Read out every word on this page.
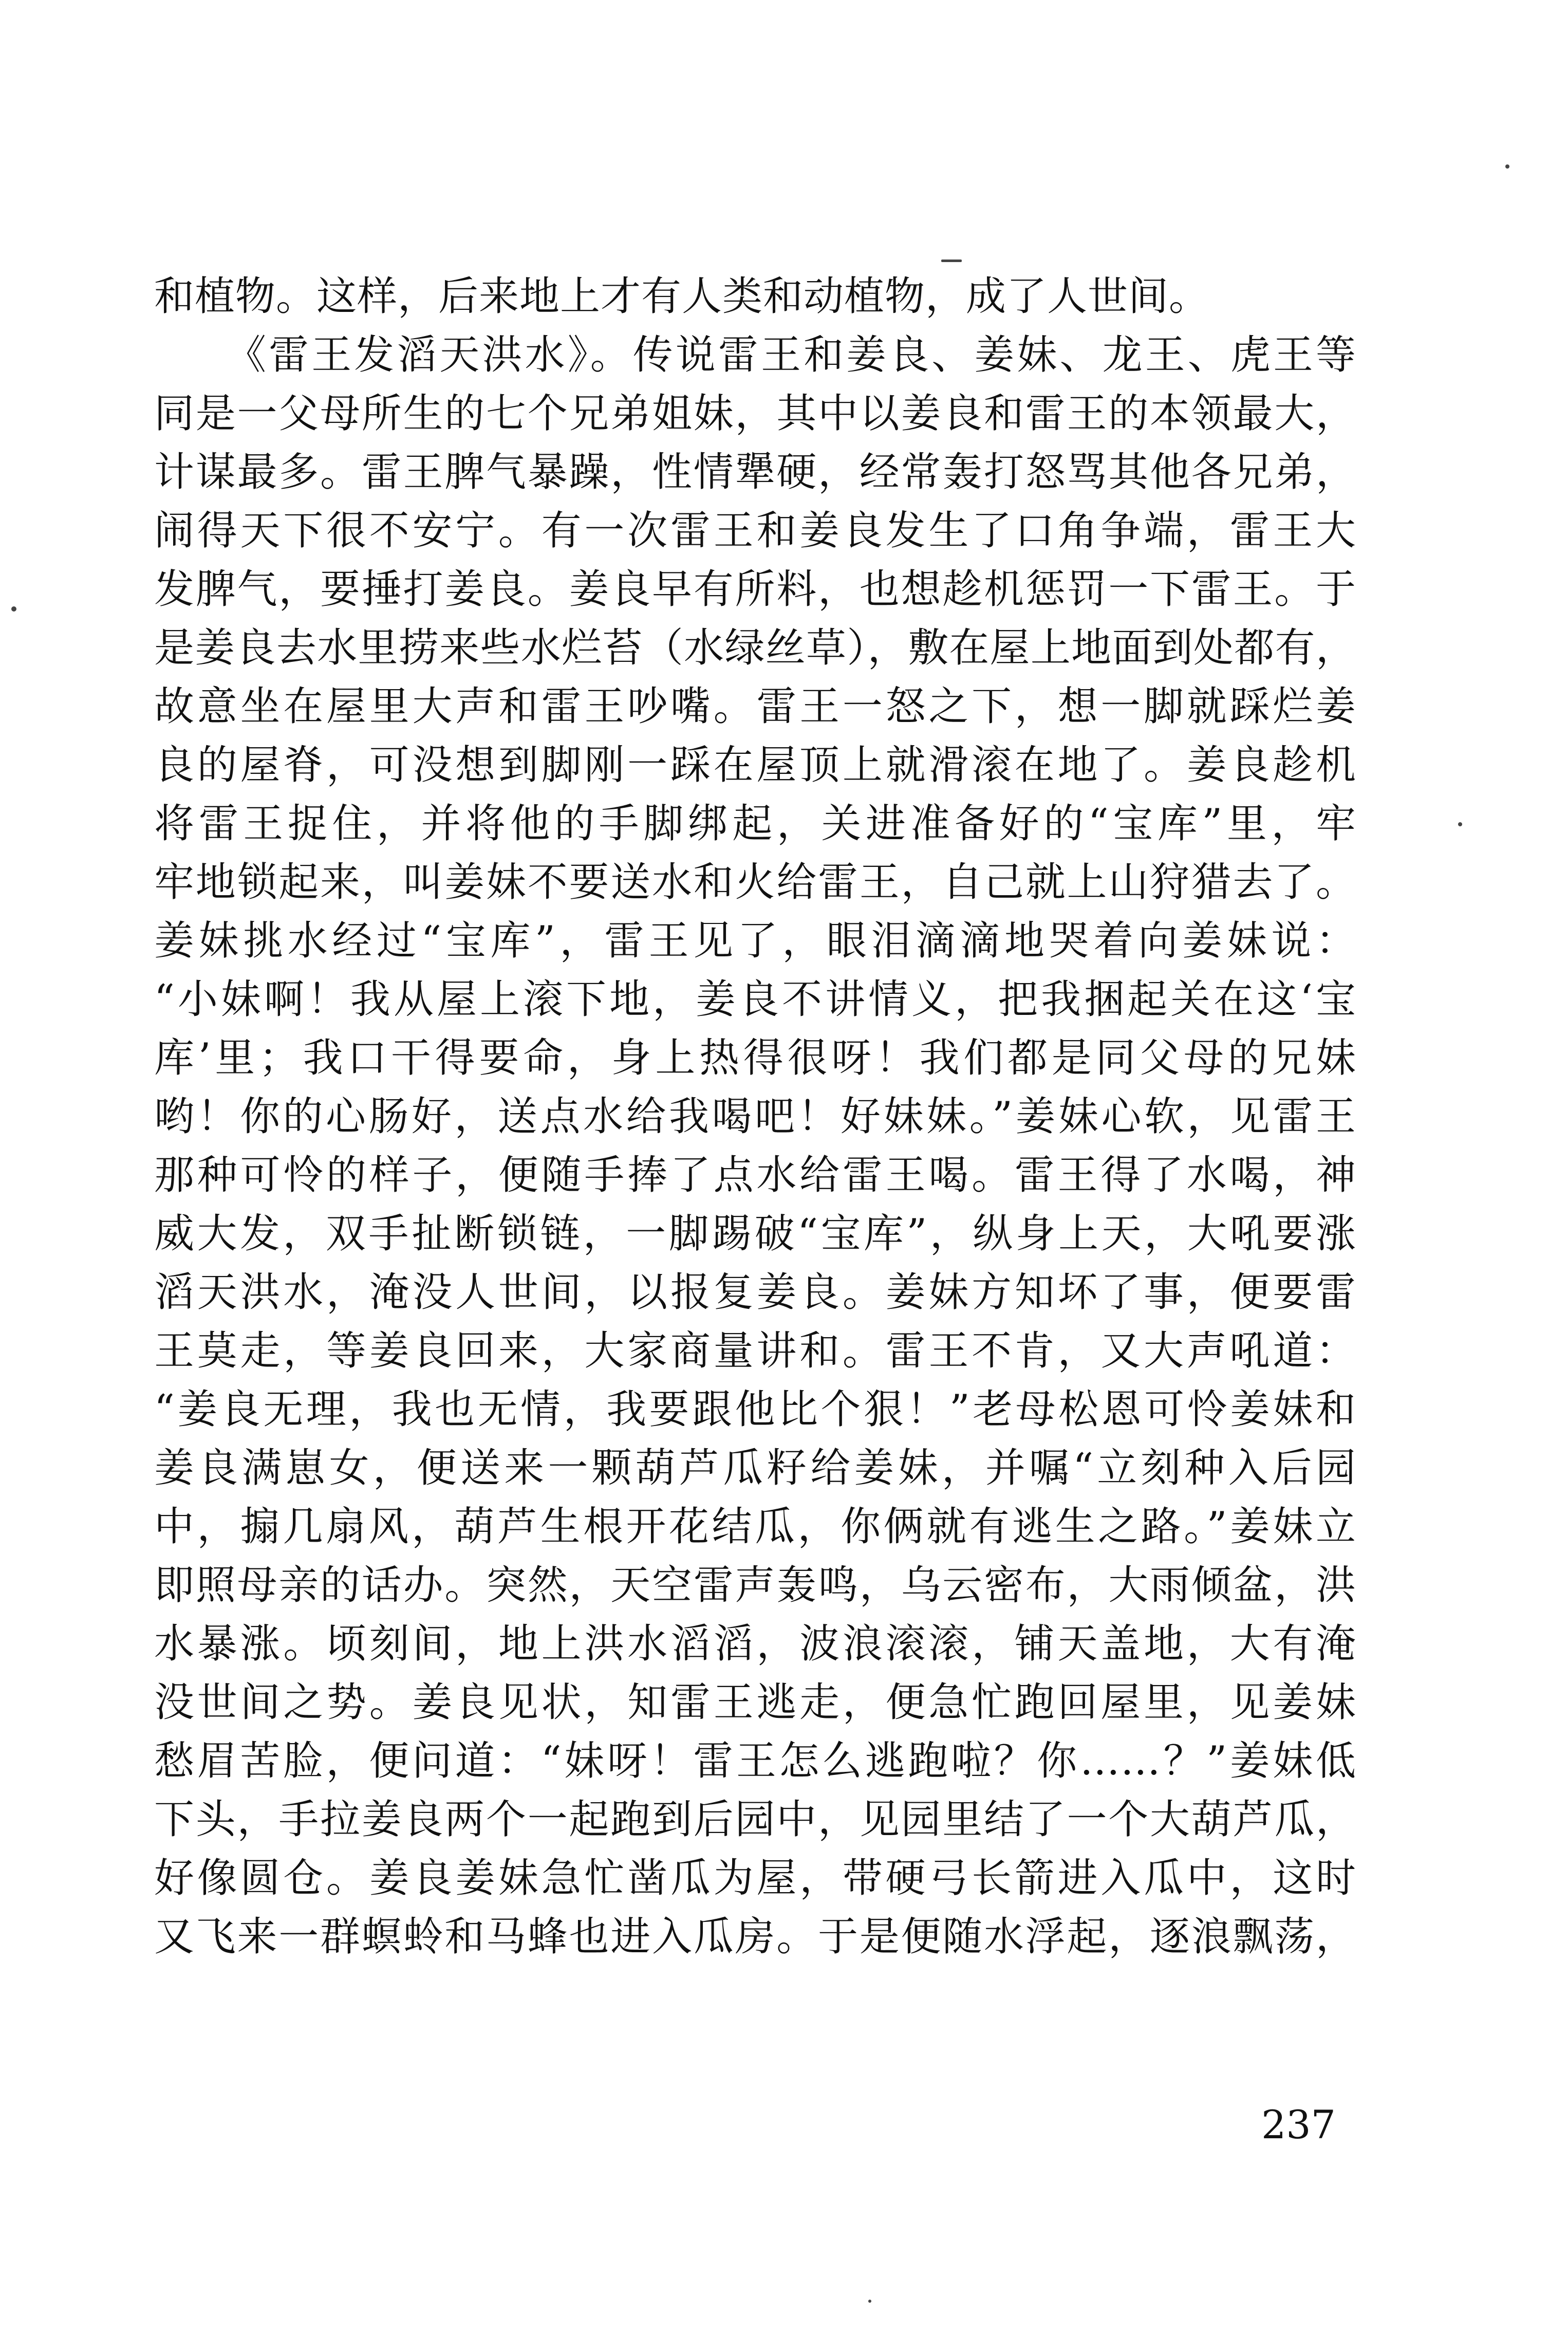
和植物。这样，后来地上才有人类和动植物，成了人世间。
《雷王发滔天洪水》。传说雷王和姜良、姜妹、龙王、虎王等
同是一父母所生的七个兄弟姐妹，其中以姜良和雷王的本领最大，
计谋最多。雷王脾气暴躁，性情犟硬，经常轰打怒骂其他各兄弟，
闹得天下很不安宁。有一次雷王和姜良发生了口角争端，雷王大
发脾气，要捶打姜良。姜良早有所料，也想趁机惩罚一下雷王。于
是姜良去水里捞来些水烂苔（水绿丝草），敷在屋上地面到处都有，
故意坐在屋里大声和雷王吵嘴。雷王一怒之下，想一脚就踩烂姜
良的屋脊，可没想到脚刚一踩在屋顶上就滑滚在地了。姜良趁机
将雷王捉住，并将他的手脚绑起，关进准备好的“宝库”里，牢
牢地锁起来，叫姜妹不要送水和火给雷王，自己就上山狩猎去了。
姜妹挑水经过“宝库”，雷王见了，眼泪滴滴地哭着向姜妹说：
“小妹啊！我从屋上滚下地，姜良不讲情义，把我捆起关在这‘宝
库’里；我口干得要命，身上热得很呀！我们都是同父母的兄妹
哟！你的心肠好，送点水给我喝吧！好妹妹。”姜妹心软，见雷王
那种可怜的样子，便随手捧了点水给雷王喝。雷王得了水喝，神
威大发，双手扯断锁链，一脚踢破“宝库”，纵身上天，大吼要涨
滔天洪水，淹没人世间，以报复姜良。姜妹方知坏了事，便要雷
王莫走，等姜良回来，大家商量讲和。雷王不肯，又大声吼道：
“姜良无理，我也无情，我要跟他比个狠！”老母松恩可怜姜妹和
姜良满崽女，便送来一颗葫芦瓜籽给姜妹，并嘱“立刻种入后园
中，搧几扇风，葫芦生根开花结瓜，你俩就有逃生之路。”姜妹立
即照母亲的话办。突然，天空雷声轰鸣，乌云密布，大雨倾盆，洪
水暴涨。顷刻间，地上洪水滔滔，波浪滚滚，铺天盖地，大有淹
没世间之势。姜良见状，知雷王逃走，便急忙跑回屋里，见姜妹
愁眉苦脸，便问道：“妹呀！雷王怎么逃跑啦？你……？”姜妹低
下头，手拉姜良两个一起跑到后园中，见园里结了一个大葫芦瓜，
好像圆仓。姜良姜妹急忙凿瓜为屋，带硬弓长箭进入瓜中，这时
又飞来一群螟蛉和马蜂也进入瓜房。于是便随水浮起，逐浪飘荡，
237
